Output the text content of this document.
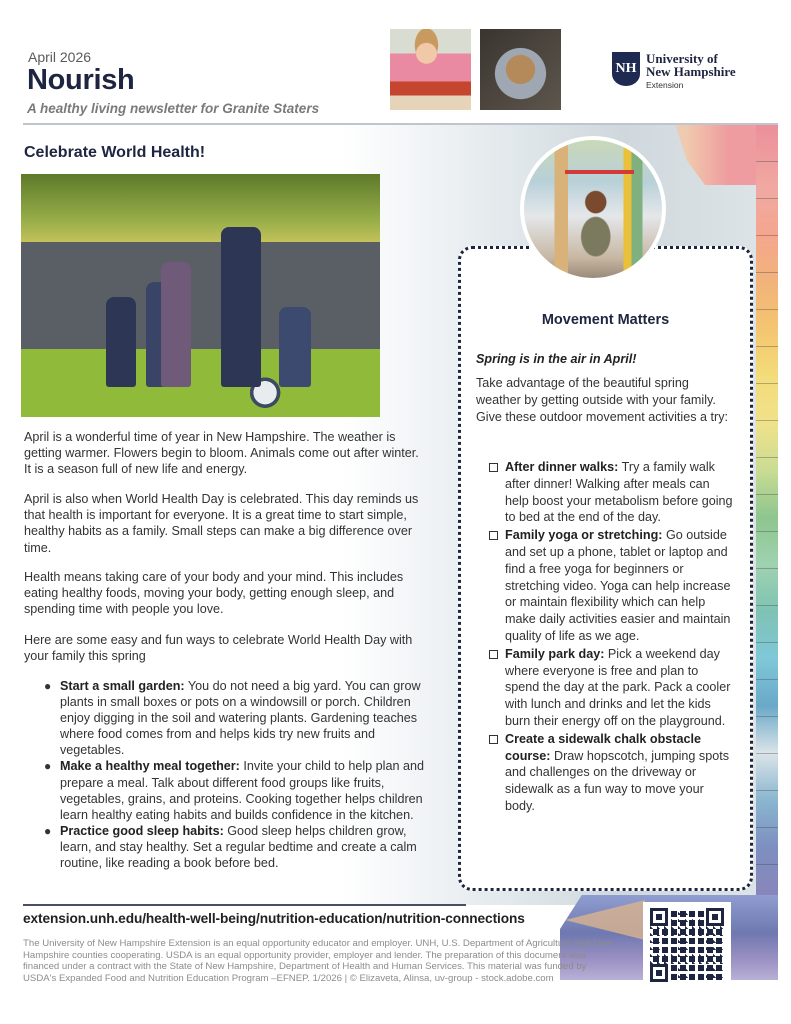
April 2026
Nourish
A healthy living newsletter for Granite Staters
NH
University of
New Hampshire
Extension
Celebrate World Health!

April is a wonderful time of year in New Hampshire. The weather is getting warmer. Flowers begin to bloom. Animals come out after winter. It is a season full of new life and energy.

April is also when World Health Day is celebrated. This day reminds us that health is important for everyone. It is a great time to start simple, healthy habits as a family. Small steps can make a big difference over time.

Health means taking care of your body and your mind. This includes eating healthy foods, moving your body, getting enough sleep, and spending time with people you love.

Here are some easy and fun ways to celebrate World Health Day with your family this spring

● Start a small garden: You do not need a big yard. You can grow plants in small boxes or pots on a windowsill or porch. Children enjoy digging in the soil and watering plants. Gardening teaches where food comes from and helps kids try new fruits and vegetables.
● Make a healthy meal together: Invite your child to help plan and prepare a meal. Talk about different food groups like fruits, vegetables, grains, and proteins. Cooking together helps children learn healthy eating habits and builds confidence in the kitchen.
● Practice good sleep habits: Good sleep helps children grow, learn, and stay healthy. Set a regular bedtime and create a calm routine, like reading a book before bed.
Movement Matters
Spring is in the air in April!
Take advantage of the beautiful spring weather by getting outside with your family. Give these outdoor movement activities a try:
After dinner walks: Try a family walk after dinner! Walking after meals can help boost your metabolism before going to bed at the end of the day.
Family yoga or stretching: Go outside and set up a phone, tablet or laptop and find a free yoga for beginners or stretching video. Yoga can help increase or maintain flexibility which can help make daily activities easier and maintain quality of life as we age.
Family park day: Pick a weekend day where everyone is free and plan to spend the day at the park. Pack a cooler with lunch and drinks and let the kids burn their energy off on the playground.
Create a sidewalk chalk obstacle course: Draw hopscotch, jumping spots and challenges on the driveway or sidewalk as a fun way to move your body.
extension.unh.edu/health-well-being/nutrition-education/nutrition-connections
The University of New Hampshire Extension is an equal opportunity educator and employer. UNH, U.S. Department of Agriculture and New Hampshire counties cooperating. USDA is an equal opportunity provider, employer and lender. The preparation of this document was financed under a contract with the State of New Hampshire, Department of Health and Human Services. This material was funded by USDA's Expanded Food and Nutrition Education Program –EFNEP. 1/2026 | © Elizaveta, Alinsa, uv-group - stock.adobe.com
